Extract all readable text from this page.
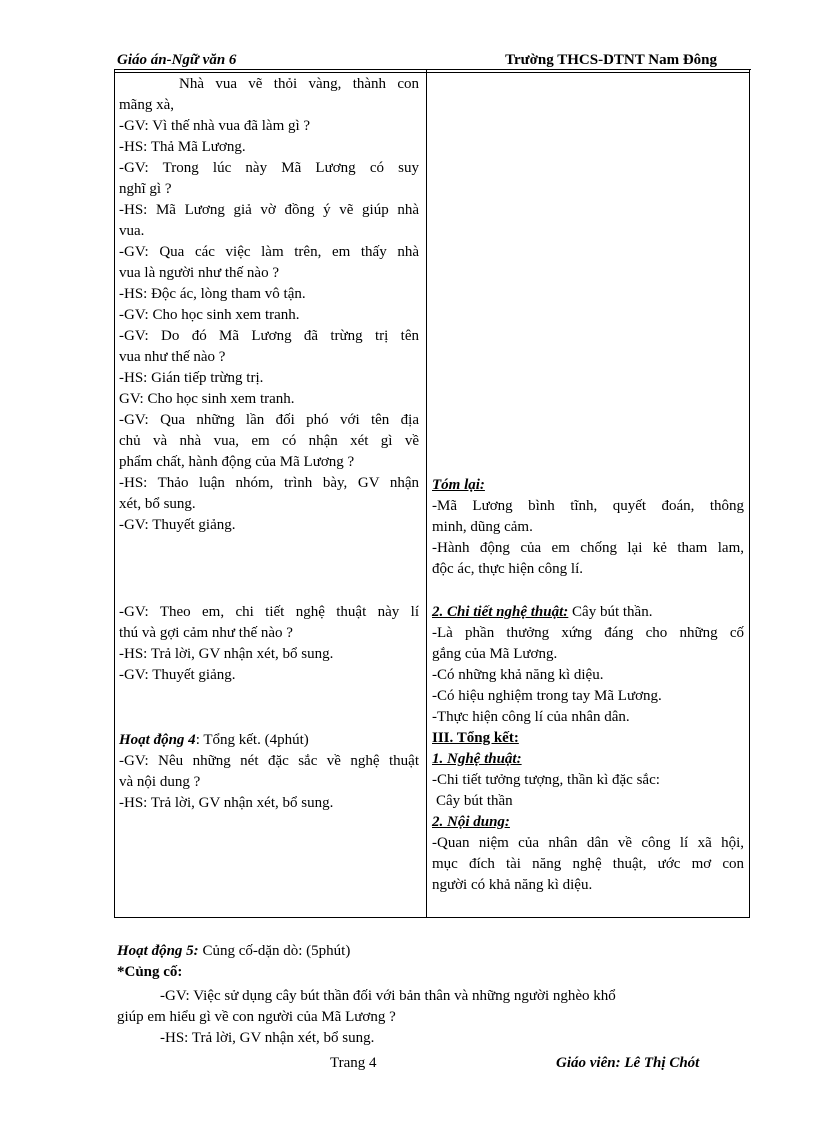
Giáo án-Ngữ văn 6	Trường THCS-DTNT Nam Đông
Nhà vua vẽ thỏi vàng, thành con
mãng xà,
-GV: Vì thế nhà vua đã làm gì ?
-HS: Thả Mã Lương.
-GV: Trong lúc này Mã Lương có suy
nghĩ gì ?
-HS: Mã Lương giả vờ đồng ý vẽ giúp nhà
vua.
-GV: Qua các việc làm trên, em thấy nhà
vua là người như thế nào ?
-HS: Độc ác, lòng tham vô tận.
-GV: Cho học sinh xem tranh.
-GV: Do đó Mã Lương đã trừng trị tên
vua như thế nào ?
-HS: Gián tiếp trừng trị.
GV: Cho học sinh xem tranh.
-GV: Qua những lần đối phó với tên địa
chủ và nhà vua, em có nhận xét gì về
phẩm chất, hành động của Mã Lương ?
-HS: Thảo luận nhóm, trình bày, GV nhận
xét, bổ sung.
-GV: Thuyết giảng.
-GV: Theo em, chi tiết nghệ thuật này lí
thú và gợi cảm như thế nào ?
-HS: Trả lời, GV nhận xét, bổ sung.
-GV: Thuyết giảng.
Hoạt động 4: Tổng kết. (4phút)
-GV: Nêu những nét đặc sắc về nghệ thuật
và nội dung ?
-HS: Trả lời, GV nhận xét, bổ sung.
Tóm lại:
-Mã Lương bình tĩnh, quyết đoán, thông
minh, dũng cảm.
-Hành động của em chống lại kẻ tham lam,
độc ác, thực hiện công lí.
2. Chi tiết nghệ thuật: Cây bút thần.
-Là phần thưởng xứng đáng cho những cố
gắng của Mã Lương.
-Có những khả năng kì diệu.
-Có hiệu nghiệm trong tay Mã Lương.
-Thực hiện công lí của nhân dân.
III. Tổng kết:
1. Nghệ thuật:
-Chi tiết tưởng tượng, thần kì đặc sắc:
Cây bút thần
2. Nội dung:
-Quan niệm của nhân dân về công lí xã hội,
mục đích tài năng nghệ thuật, ước mơ con
người có khả năng kì diệu.
Hoạt động 5: Củng cố-dặn dò: (5phút)
*Củng cố:
-GV: Việc sử dụng cây bút thần đối với bản thân và những người nghèo khổ
giúp em hiểu gì về con người của Mã Lương ?
-HS: Trả lời, GV nhận xét, bổ sung.
Trang 4	Giáo viên: Lê Thị Chót
